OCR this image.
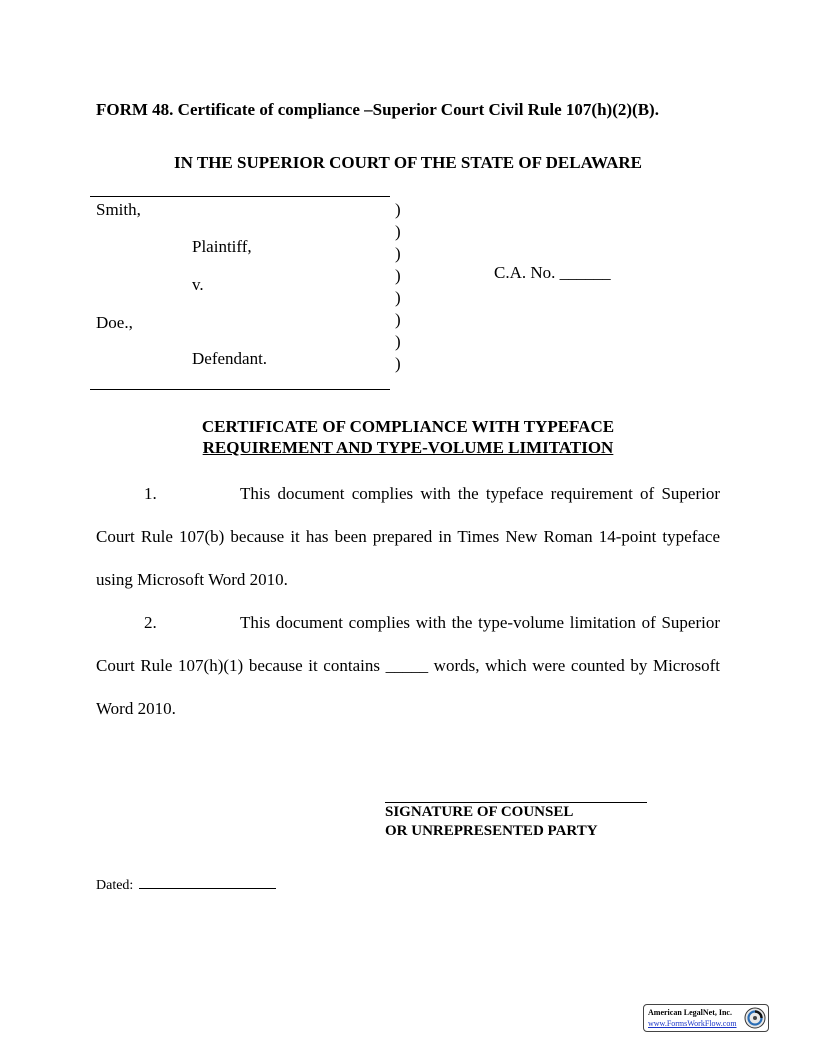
FORM 48. Certificate of compliance –Superior Court Civil Rule 107(h)(2)(B).
IN THE SUPERIOR COURT OF THE STATE OF DELAWARE
Smith,
Plaintiff,
v.
Doe.,
Defendant.
)
)
)
)
)
)
)
)
C.A. No. ______
CERTIFICATE OF COMPLIANCE WITH TYPEFACE
REQUIREMENT AND TYPE-VOLUME LIMITATION
1.	This document complies with the typeface requirement of Superior Court Rule 107(b) because it has been prepared in Times New Roman 14-point typeface using Microsoft Word 2010.
2.	This document complies with the type-volume limitation of Superior Court Rule 107(h)(1) because it contains _____ words, which were counted by Microsoft Word 2010.
SIGNATURE OF COUNSEL
OR UNREPRESENTED PARTY
Dated:
American LegalNet, Inc.
www.FormsWorkFlow.com
